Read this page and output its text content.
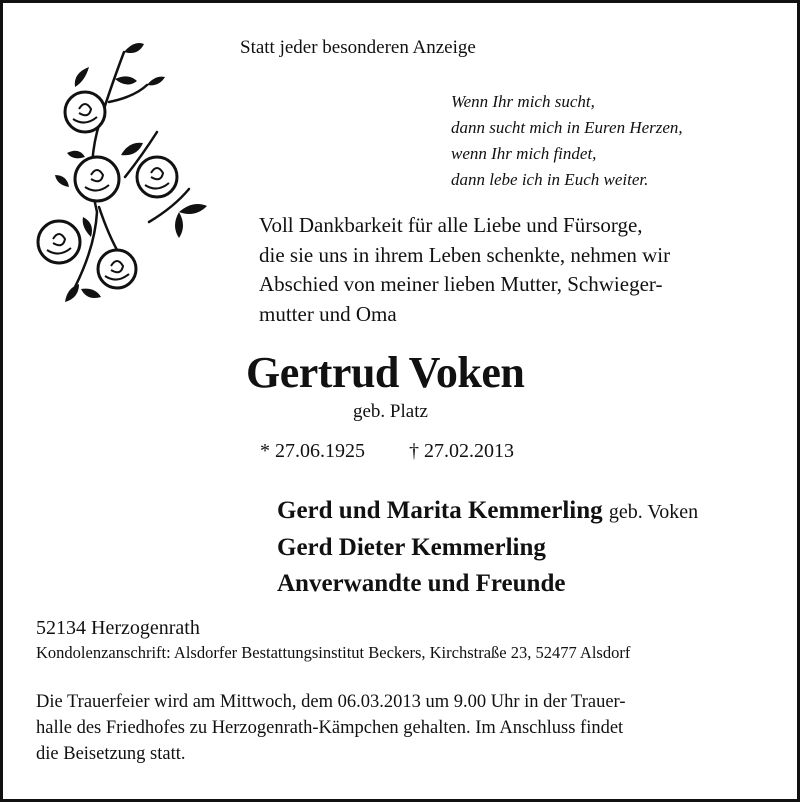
Statt jeder besonderen Anzeige
Wenn Ihr mich sucht,
dann sucht mich in Euren Herzen,
wenn Ihr mich findet,
dann lebe ich in Euch weiter.
Voll Dankbarkeit für alle Liebe und Fürsorge,
die sie uns in ihrem Leben schenkte, nehmen wir
Abschied von meiner lieben Mutter, Schwieger-
mutter und Oma
Gertrud Voken
geb. Platz
* 27.06.1925 † 27.02.2013
Gerd und Marita Kemmerling geb. Voken
Gerd Dieter Kemmerling
Anverwandte und Freunde
52134 Herzogenrath
Kondolenzanschrift: Alsdorfer Bestattungsinstitut Beckers, Kirchstraße 23, 52477 Alsdorf
Die Trauerfeier wird am Mittwoch, dem 06.03.2013 um 9.00 Uhr in der Trauer-
halle des Friedhofes zu Herzogenrath-Kämpchen gehalten. Im Anschluss findet
die Beisetzung statt.
